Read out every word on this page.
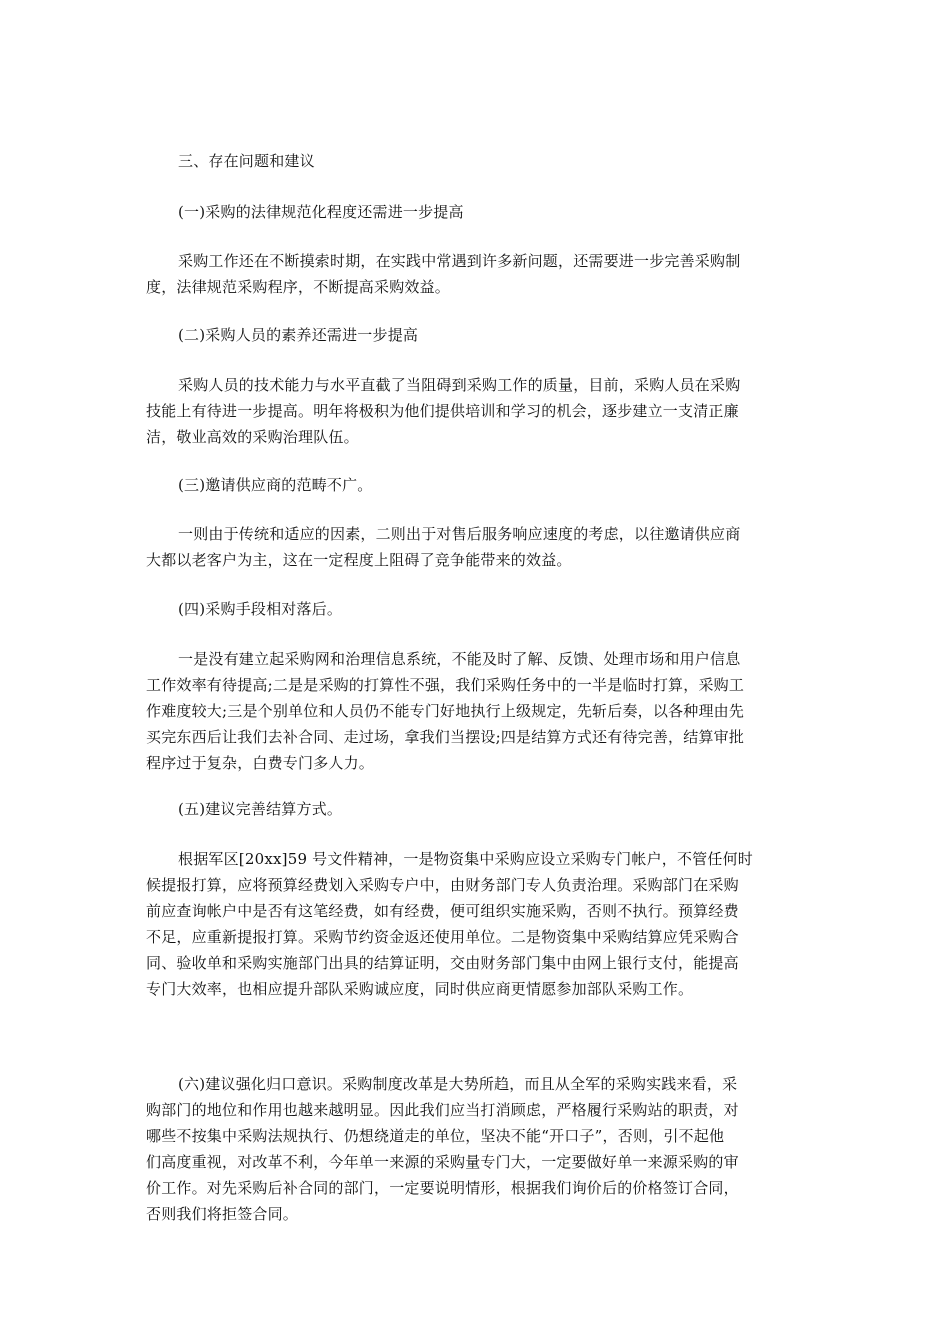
三、存在问题和建议

(一)采购的法律规范化程度还需进一步提高

采购工作还在不断摸索时期，在实践中常遇到许多新问题，还需要进一步完善采购制
度，法律规范采购程序，不断提高采购效益。

(二)采购人员的素养还需进一步提高

采购人员的技术能力与水平直截了当阻碍到采购工作的质量，目前，采购人员在采购
技能上有待进一步提高。明年将极积为他们提供培训和学习的机会，逐步建立一支清正廉
洁，敬业高效的采购治理队伍。

(三)邀请供应商的范畴不广。

一则由于传统和适应的因素，二则出于对售后服务响应速度的考虑，以往邀请供应商
大都以老客户为主，这在一定程度上阻碍了竞争能带来的效益。

(四)采购手段相对落后。

一是没有建立起采购网和治理信息系统，不能及时了解、反馈、处理市场和用户信息
工作效率有待提高;二是是采购的打算性不强，我们采购任务中的一半是临时打算，采购工
作难度较大;三是个别单位和人员仍不能专门好地执行上级规定，先斩后奏，以各种理由先
买完东西后让我们去补合同、走过场，拿我们当摆设;四是结算方式还有待完善，结算审批
程序过于复杂，白费专门多人力。

(五)建议完善结算方式。

根据军区[20xx]59 号文件精神，一是物资集中采购应设立采购专门帐户，不管任何时
候提报打算，应将预算经费划入采购专户中，由财务部门专人负责治理。采购部门在采购
前应查询帐户中是否有这笔经费，如有经费，便可组织实施采购，否则不执行。预算经费
不足，应重新提报打算。采购节约资金返还使用单位。二是物资集中采购结算应凭采购合
同、验收单和采购实施部门出具的结算证明，交由财务部门集中由网上银行支付，能提高
专门大效率，也相应提升部队采购诚应度，同时供应商更情愿参加部队采购工作。
(六)建议强化归口意识。采购制度改革是大势所趋，而且从全军的采购实践来看，采
购部门的地位和作用也越来越明显。因此我们应当打消顾虑，严格履行采购站的职责，对
哪些不按集中采购法规执行、仍想绕道走的单位，坚决不能“开口子”，否则，引不起他
们高度重视，对改革不利，今年单一来源的采购量专门大，一定要做好单一来源采购的审
价工作。对先采购后补合同的部门，一定要说明情形，根据我们询价后的价格签订合同，
否则我们将拒签合同。
